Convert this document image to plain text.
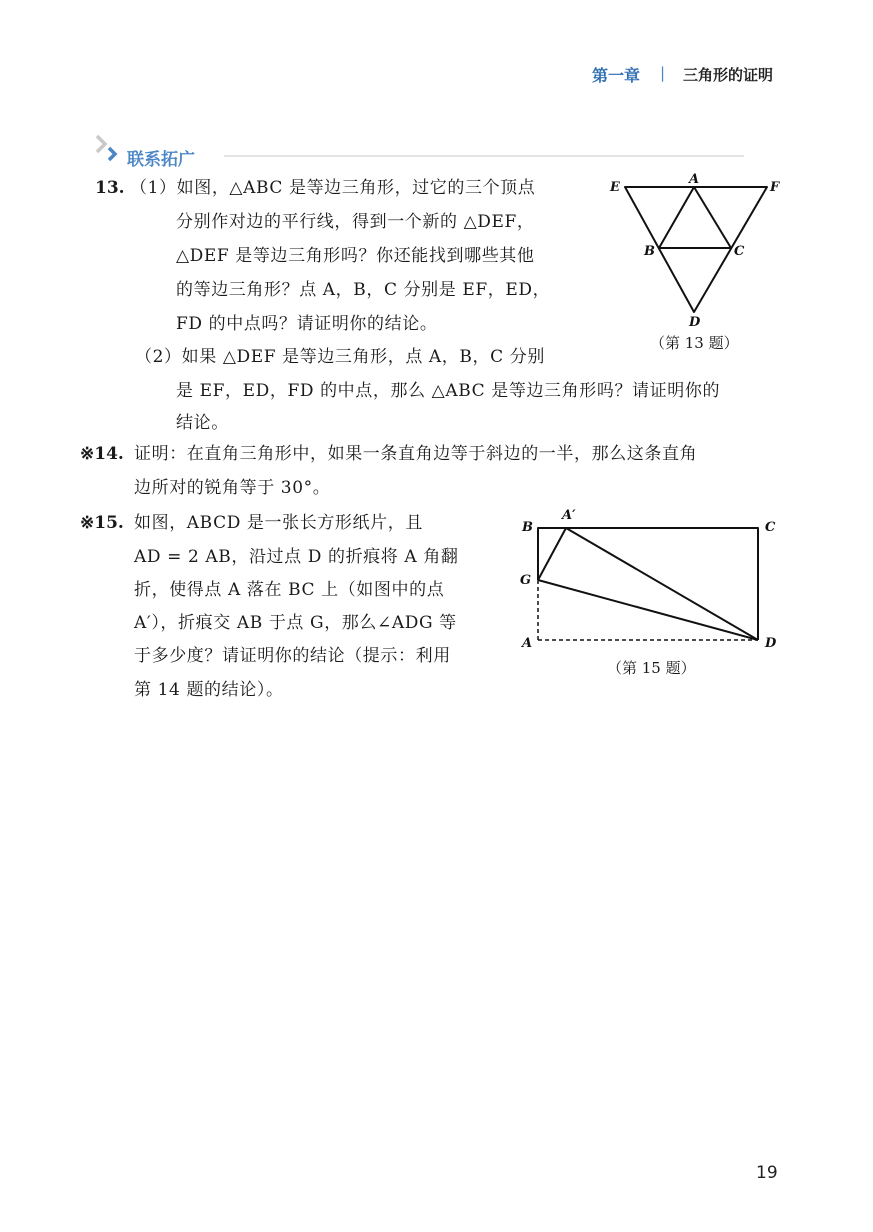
第一章 | 三角形的证明
联系拓广
13. （1）如图，△ABC 是等边三角形，过它的三个顶点
分别作对边的平行线，得到一个新的 △DEF，
△DEF 是等边三角形吗？你还能找到哪些其他
的等边三角形？点 A，B，C 分别是 EF，ED，
FD 的中点吗？请证明你的结论。
（2）如果 △DEF 是等边三角形，点 A，B，C 分别
是 EF，ED，FD 的中点，那么 △ABC 是等边三角形吗？请证明你的
结论。
E
A
F
B	C
D
（第 13 题）
※14. 证明：在直角三角形中，如果一条直角边等于斜边的一半，那么这条直角
边所对的锐角等于 30°。
※15. 如图，ABCD 是一张长方形纸片，且
AD = 2 AB，沿过点 D 的折痕将 A 角翻
折，使得点 A 落在 BC 上（如图中的点
A′），折痕交 AB 于点 G，那么∠ADG 等
于多少度？请证明你的结论（提示：利用
第 14 题的结论）。
B
A′
C
G
A	D
（第 15 题）
19
